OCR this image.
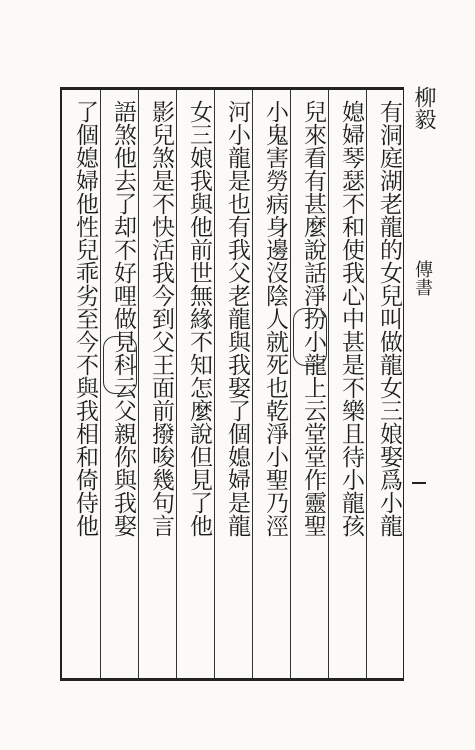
柳毅
傳書
有洞庭湖老龍的女兒叫做龍女三娘娶爲小龍
媳婦琴瑟不和使我心中甚是不樂且待小龍孩
兒來看有甚麼說話淨扮小龍上云堂堂作靈聖
小鬼害勞病身邊沒陰人就死也乾淨小聖乃涇
河小龍是也有我父老龍與我娶了個媳婦是龍
女三娘我與他前世無緣不知怎麼說但見了他
影兒煞是不快活我今到父王面前撥唆幾句言
語煞他去了却不好哩做見科云父親你與我娶
了個媳婦他性兒乖劣至今不與我相和倚侍他
